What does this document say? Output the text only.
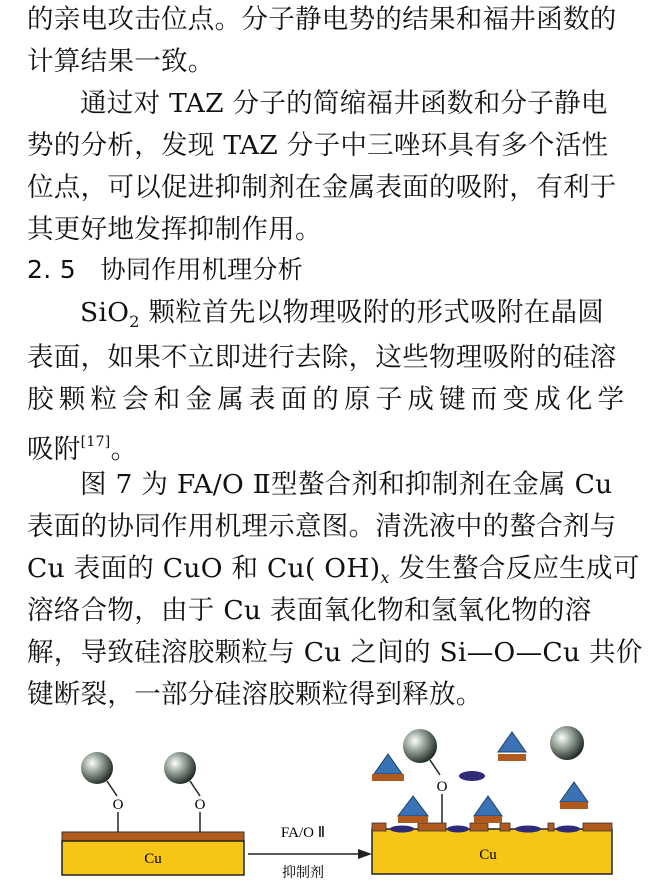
的亲电攻击位点。分子静电势的结果和福井函数的
计算结果一致。
通过对 TAZ 分子的简缩福井函数和分子静电
势的分析，发现 TAZ 分子中三唑环具有多个活性
位点，可以促进抑制剂在金属表面的吸附，有利于
其更好地发挥抑制作用。
2. 5 协同作用机理分析
SiO$_2$ 颗粒首先以物理吸附的形式吸附在晶圆
表面，如果不立即进行去除，这些物理吸附的硅溶
胶颗粒会和金属表面的原子成键而变成化学
吸附[17]。
图 7 为 FA/O Ⅱ型螯合剂和抑制剂在金属 Cu
表面的协同作用机理示意图。清洗液中的螯合剂与
Cu 表面的 CuO 和 Cu( $OH)_x$ 发生螯合反应生成可
溶络合物，由于 Cu 表面氧化物和氢氧化物的溶
解，导致硅溶胶颗粒与 Cu 之间的 Si—O—Cu 共价
键断裂，一部分硅溶胶颗粒得到释放。
Cu
O	O
FA/O Ⅱ
抑制剂
Cu
O
